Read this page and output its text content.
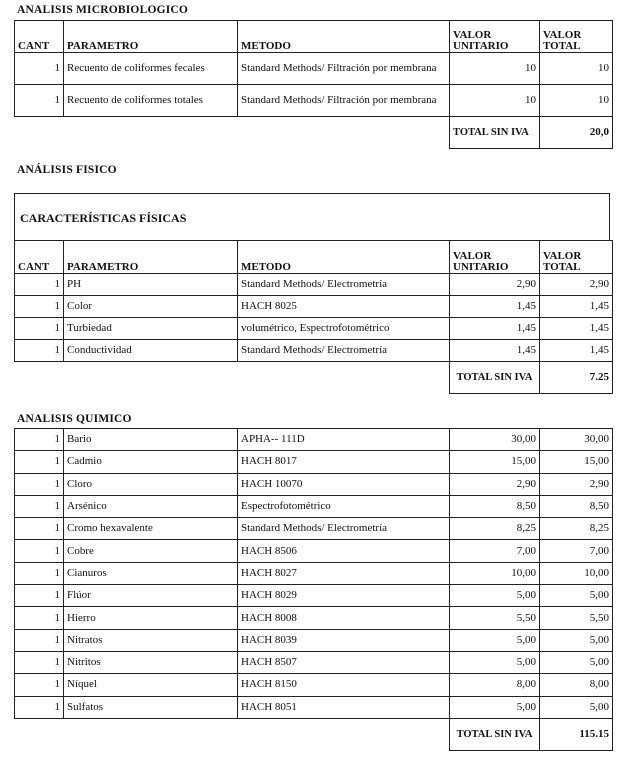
ANALISIS MICROBIOLOGICO
CANT	PARAMETRO	METODO	VALOR UNITARIO	VALOR TOTAL
1	Recuento de coliformes fecales	Standard Methods/ Filtración por membrana	10	10
1	Recuento de coliformes totales	Standard Methods/ Filtración por membrana	10	10
			TOTAL SIN IVA	20,0
ANÁLISIS FISICO
CARACTERÍSTICAS FÍSICAS
CANT	PARAMETRO	METODO	VALOR UNITARIO	VALOR TOTAL
1	PH	Standard Methods/ Electrometría	2,90	2,90
1	Color	HACH 8025	1,45	1,45
1	Turbiedad	volumétrico, Espectrofotométrico	1,45	1,45
1	Conductividad	Standard Methods/ Electrometría	1,45	1,45
			TOTAL SIN IVA	7.25
ANALISIS QUIMICO
1	Bario	APHA-- 111D	30,00	30,00
1	Cadmio	HACH 8017	15,00	15,00
1	Cloro	HACH 10070	2,90	2,90
1	Arsénico	Espectrofotométrico	8,50	8,50
1	Cromo hexavalente	Standard Methods/ Electrometría	8,25	8,25
1	Cobre	HACH 8506	7,00	7,00
1	Cianuros	HACH 8027	10,00	10,00
1	Flúor	HACH 8029	5,00	5,00
1	Hierro	HACH 8008	5,50	5,50
1	Nitratos	HACH 8039	5,00	5,00
1	Nitritos	HACH 8507	5,00	5,00
1	Níquel	HACH 8150	8,00	8,00
1	Sulfatos	HACH 8051	5,00	5,00
			TOTAL SIN IVA	115.15
